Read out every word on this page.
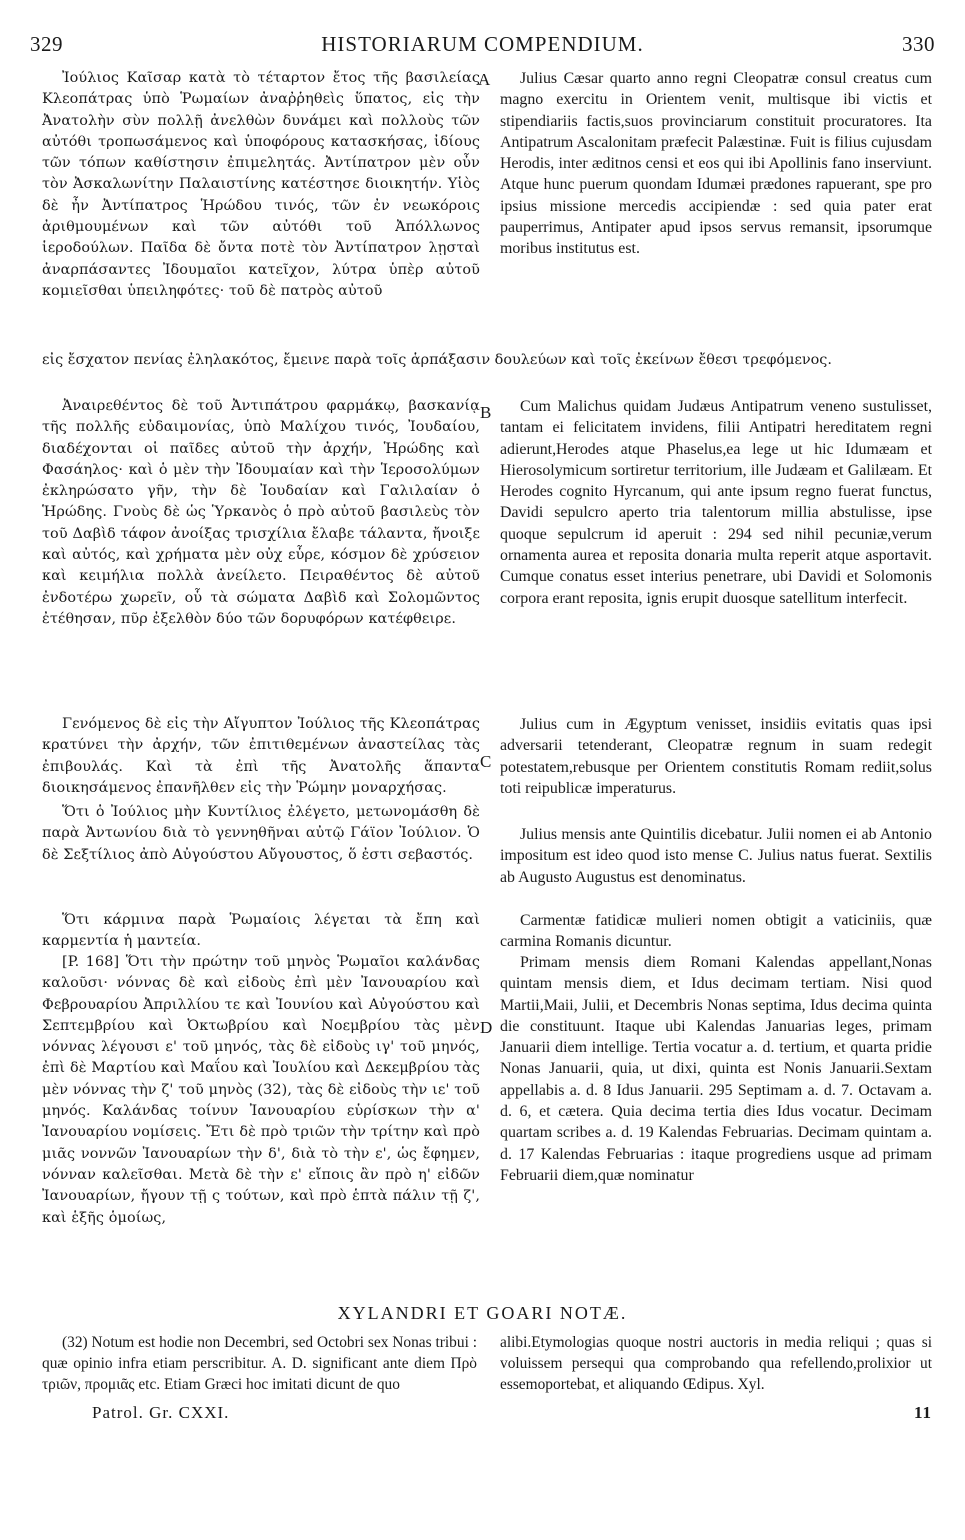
329	HISTORIARUM COMPENDIUM.	330
A
B
C
D

Ἰούλιος Καῖσαρ κατὰ τὸ τέταρτον ἔτος τῆς βασιλείας Κλεοπάτρας ὑπὸ Ῥωμαίων ἀναῤῥηθεὶς ὕπατος, εἰς τὴν Ἀνατολὴν σὺν πολλῇ ἀνελθὼν δυνάμει καὶ πολλοὺς τῶν αὐτόθι τροπωσάμενος καὶ ὑποφόρους κατασκήσας, ἰδίους τῶν τόπων καθίστησιν ἐπιμελητάς. Ἀντίπατρον μὲν οὖν τὸν Ἀσκαλωνίτην Παλαιστίνης κατέστησε διοικητήν. Υἱὸς δὲ ἦν Ἀντίπατρος Ἡρώδου τινός, τῶν ἐν νεωκόροις ἀριθμουμένων καὶ τῶν αὐτόθι τοῦ Ἀπόλλωνος ἱεροδούλων. Παῖδα δὲ ὄντα ποτὲ τὸν Ἀντίπατρον λῃσταὶ ἀναρπάσαντες Ἰδουμαῖοι κατεῖχον, λύτρα ὑπὲρ αὐτοῦ κομιεῖσθαι ὑπειληφότες· τοῦ δὲ πατρὸς αὐτοῦ

Julius Cæsar quarto anno regni Cleopatræ consul creatus cum magno exercitu in Orientem venit, multisque ibi victis et stipendiariis factis,suos provinciarum constituit procuratores. Ita Antipatrum Ascalonitam præfecit Palæstinæ. Fuit is filius cujusdam Herodis, inter æditnos censi et eos qui ibi Apollinis fano inserviunt. Atque hunc puerum quondam Idumæi prædones rapuerant, spe pro ipsius missione mercedis accipiendæ : sed quia pater erat pauperrimus, Antipater apud ipsos servus remansit, ipsorumque moribus institutus est.

εἰς ἔσχατον πενίας ἐληλακότος, ἔμεινε παρὰ τοῖς ἁρπάξασιν δουλεύων καὶ τοῖς ἐκείνων ἔθεσι τρεφόμενος.

Ἀναιρεθέντος δὲ τοῦ Ἀντιπάτρου φαρμάκῳ, βασκανίᾳ τῆς πολλῆς εὐδαιμονίας, ὑπὸ Μαλίχου τινός, Ἰουδαίου, διαδέχονται οἱ παῖδες αὐτοῦ τὴν ἀρχήν, Ἡρώδης καὶ Φασάηλος· καὶ ὁ μὲν τὴν Ἰδουμαίαν καὶ τὴν Ἱεροσολύμων ἐκληρώσατο γῆν, τὴν δὲ Ἰουδαίαν καὶ Γαλιλαίαν ὁ Ἡρώδης. Γνοὺς δὲ ὡς Ὑρκανὸς ὁ πρὸ αὐτοῦ βασιλεὺς τὸν τοῦ Δαβὶδ τάφον ἀνοίξας τρισχίλια ἔλαβε τάλαντα, ἤνοιξε καὶ αὐτός, καὶ χρήματα μὲν οὐχ εὗρε, κόσμον δὲ χρύσειον καὶ κειμήλια πολλὰ ἀνείλετο. Πειραθέντος δὲ αὐτοῦ ἐνδοτέρω χωρεῖν, οὗ τὰ σώματα Δαβὶδ καὶ Σολομῶντος ἐτέθησαν, πῦρ ἐξελθὸν δύο τῶν δορυφόρων κατέφθειρε.

Cum Malichus quidam Judæus Antipatrum veneno sustulisset, tantam ei felicitatem invidens, filii Antipatri hereditatem regni adierunt,Herodes atque Phaselus,ea lege ut hic Idumæam et Hierosolymicum sortiretur territorium, ille Judæam et Galilæam. Et Herodes cognito Hyrcanum, qui ante ipsum regno fuerat functus, Davidi sepulcro aperto tria talentorum millia abstulisse, ipse quoque sepulcrum id aperuit : 294 sed nihil pecuniæ,verum ornamenta aurea et reposita donaria multa reperit atque asportavit. Cumque conatus esset interius penetrare, ubi Davidi et Solomonis corpora erant reposita, ignis erupit duosque satellitum interfecit.

Γενόμενος δὲ εἰς τὴν Αἴγυπτον Ἰούλιος τῆς Κλεοπάτρας κρατύνει τὴν ἀρχήν, τῶν ἐπιτιθεμένων ἀναστείλας τὰς ἐπιβουλάς. Καὶ τὰ ἐπὶ τῆς Ἀνατολῆς ἅπαντα διοικησάμενος ἐπανῆλθεν εἰς τὴν Ῥώμην μοναρχήσας.

Julius cum in Ægyptum venisset, insidiis evitatis quas ipsi adversarii tetenderant, Cleopatræ regnum in suam redegit potestatem,rebusque per Orientem constitutis Romam rediit,solus toti reipublicæ imperaturus.

Ὅτι ὁ Ἰούλιος μὴν Κυντίλιος ἐλέγετο, μετωνομάσθη δὲ παρὰ Ἀντωνίου διὰ τὸ γεννηθῆναι αὐτῷ Γάϊον Ἰούλιον. Ὁ δὲ Σεξτίλιος ἀπὸ Αὐγούστου Αὔγουστος, ὅ ἐστι σεβαστός.

Julius mensis ante Quintilis dicebatur. Julii nomen ei ab Antonio impositum est ideo quod isto mense C. Julius natus fuerat. Sextilis ab Augusto Augustus est denominatus.

Ὅτι κάρμινα παρὰ Ῥωμαίοις λέγεται τὰ ἔπη καὶ καρμεντία ἡ μαντεία.

Carmentæ fatidicæ mulieri nomen obtigit a vaticiniis, quæ carmina Romanis dicuntur.

[P. 168] Ὅτι τὴν πρώτην τοῦ μηνὸς Ῥωμαῖοι καλάνδας καλοῦσι· νόννας δὲ καὶ εἰδοὺς ἐπὶ μὲν Ἰανουαρίου καὶ Φεβρουαρίου Ἀπριλλίου τε καὶ Ἰουνίου καὶ Αὐγούστου καὶ Σεπτεμβρίου καὶ Ὀκτωβρίου καὶ Νοεμβρίου τὰς μὲν νόννας λέγουσι ε' τοῦ μηνός, τὰς δὲ εἰδοὺς ιγ' τοῦ μηνός, ἐπὶ δὲ Μαρτίου καὶ Μαΐου καὶ Ἰουλίου καὶ Δεκεμβρίου τὰς μὲν νόννας τὴν ζ' τοῦ μηνὸς (32), τὰς δὲ εἰδοὺς τὴν ιε' τοῦ μηνός. Καλάνδας τοίνυν Ἰανουαρίου εὑρίσκων τὴν α' Ἰανουαρίου νομίσεις. Ἔτι δὲ πρὸ τριῶν τὴν τρίτην καὶ πρὸ μιᾶς νοννῶν Ἰανουαρίων τὴν δ', διὰ τὸ τὴν ε', ὡς ἔφημεν, νόνναν καλεῖσθαι. Μετὰ δὲ τὴν ε' εἴποις ἂν πρὸ η' εἰδῶν Ἰανουαρίων, ἤγουν τῇ ς τούτων, καὶ πρὸ ἑπτὰ πάλιν τῇ ζ', καὶ ἑξῆς ὁμοίως,

Primam mensis diem Romani Kalendas appellant,Nonas quintam mensis diem, et Idus decimam tertiam. Nisi quod Martii,Maii, Julii, et Decembris Nonas septima, Idus decima quinta die constituunt. Itaque ubi Kalendas Januarias leges, primam Januarii diem intellige. Tertia vocatur a. d. tertium, et quarta pridie Nonas Januarii, quia, ut dixi, quinta est Nonis Januarii.Sextam appellabis a. d. 8 Idus Januarii. 295 Septimam a. d. 7. Octavam a. d. 6, et cætera. Quia decima tertia dies Idus vocatur. Decimam quartam scribes a. d. 19 Kalendas Februarias. Decimam quintam a. d. 17 Kalendas Februarias : itaque progrediens usque ad primam Februarii diem,quæ nominatur

XYLANDRI ET GOARI NOTÆ.

(32) Notum est hodie non Decembri, sed Octobri sex Nonas tribui : quæ opinio infra etiam perscribitur. A. D. significant ante diem Πρὸ τριῶν, προμιᾶς etc. Etiam Græci hoc imitati dicunt de quo

alibi.Etymologias quoque nostri auctoris in media reliqui ; quas si voluissem persequi qua comprobando qua refellendo,prolixior ut essemoportebat, et aliquando Œdipus. Xyl.

Patrol. Gr. CXXI.	11
